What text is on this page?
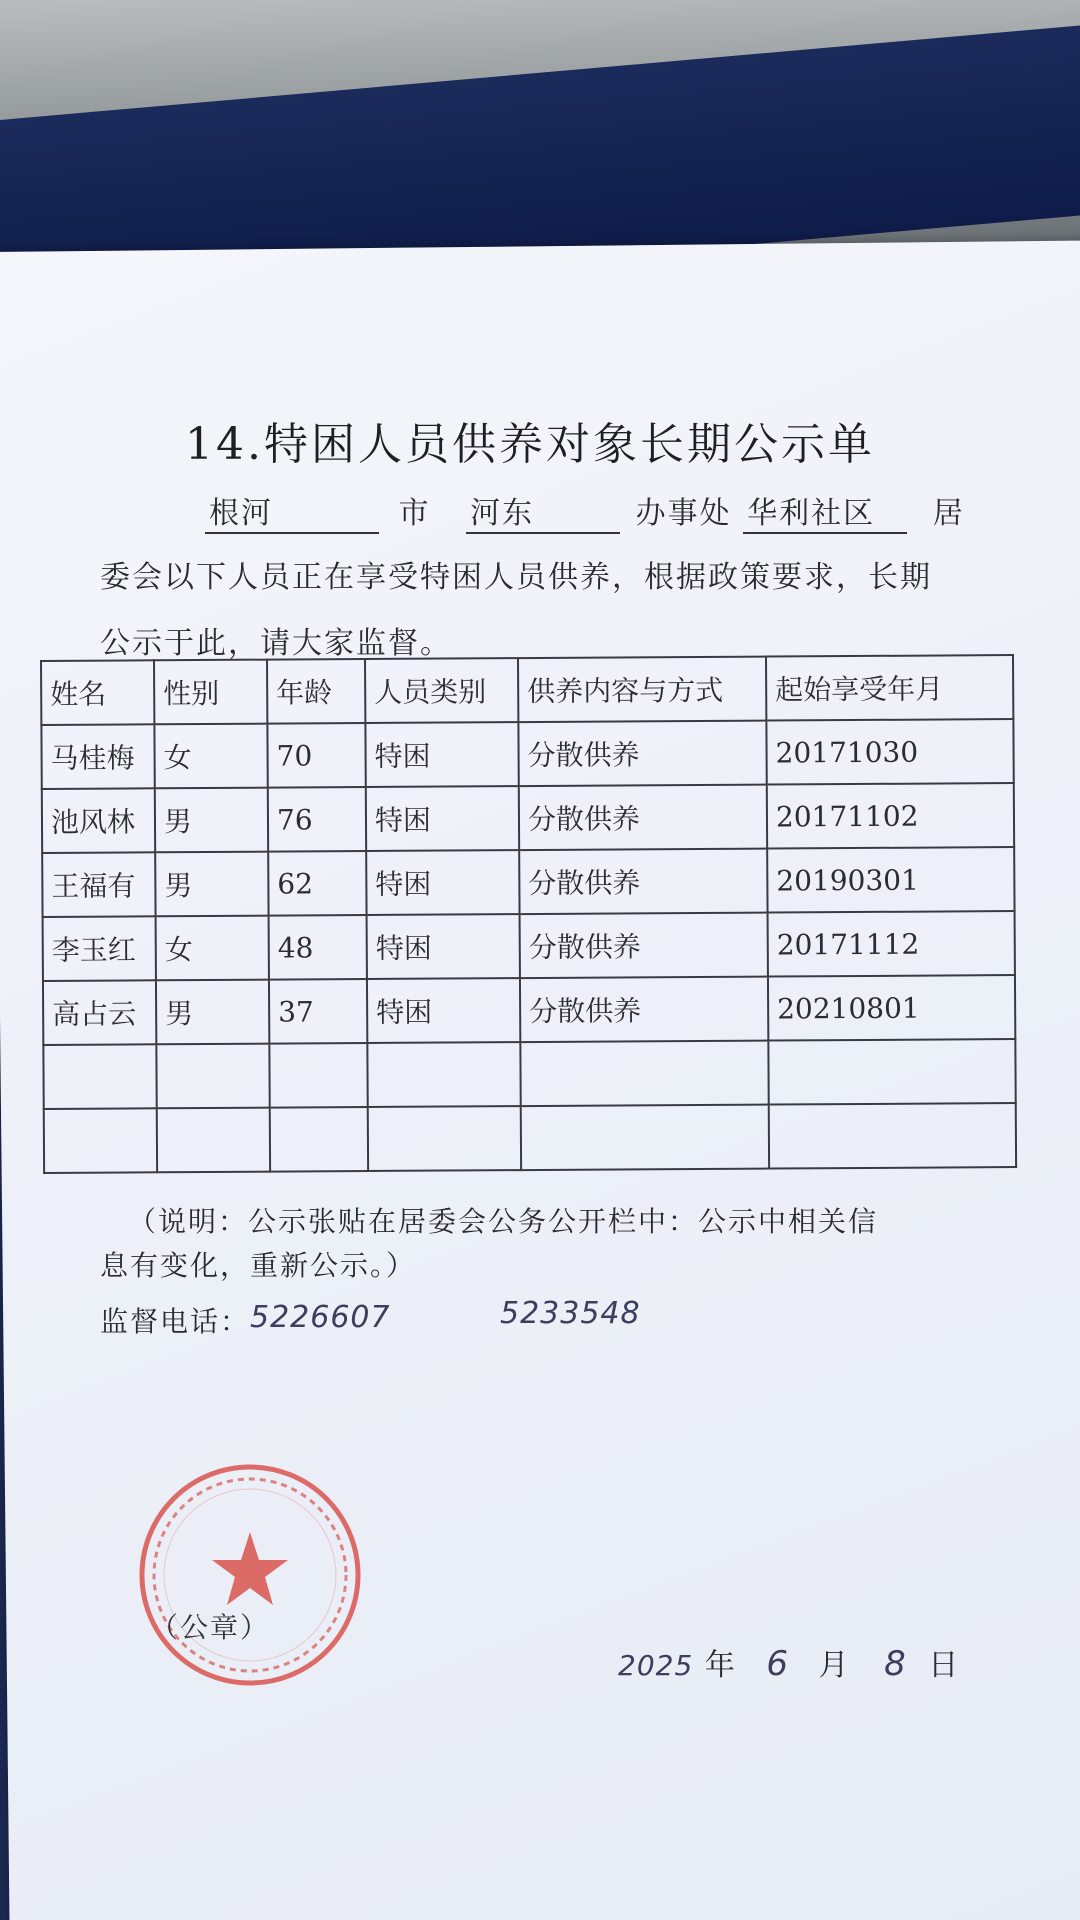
14.特困人员供养对象长期公示单
根河	市 河东	办事处 华利社区 居
委会以下人员正在享受特困人员供养，根据政策要求，长期
公示于此，请大家监督。
姓名	性别	年龄	人员类别	供养内容与方式	起始享受年月
马桂梅	女	70	特困	分散供养	20171030
池风林	男	76	特困	分散供养	20171102
王福有	男	62	特困	分散供养	20190301
李玉红	女	48	特困	分散供养	20171112
高占云	男	37	特困	分散供养	20210801

（说明：公示张贴在居委会公务公开栏中：公示中相关信
息有变化，重新公示。）
监督电话： 5226607	5233548
（公章）
2025 年 6 月 8 日
